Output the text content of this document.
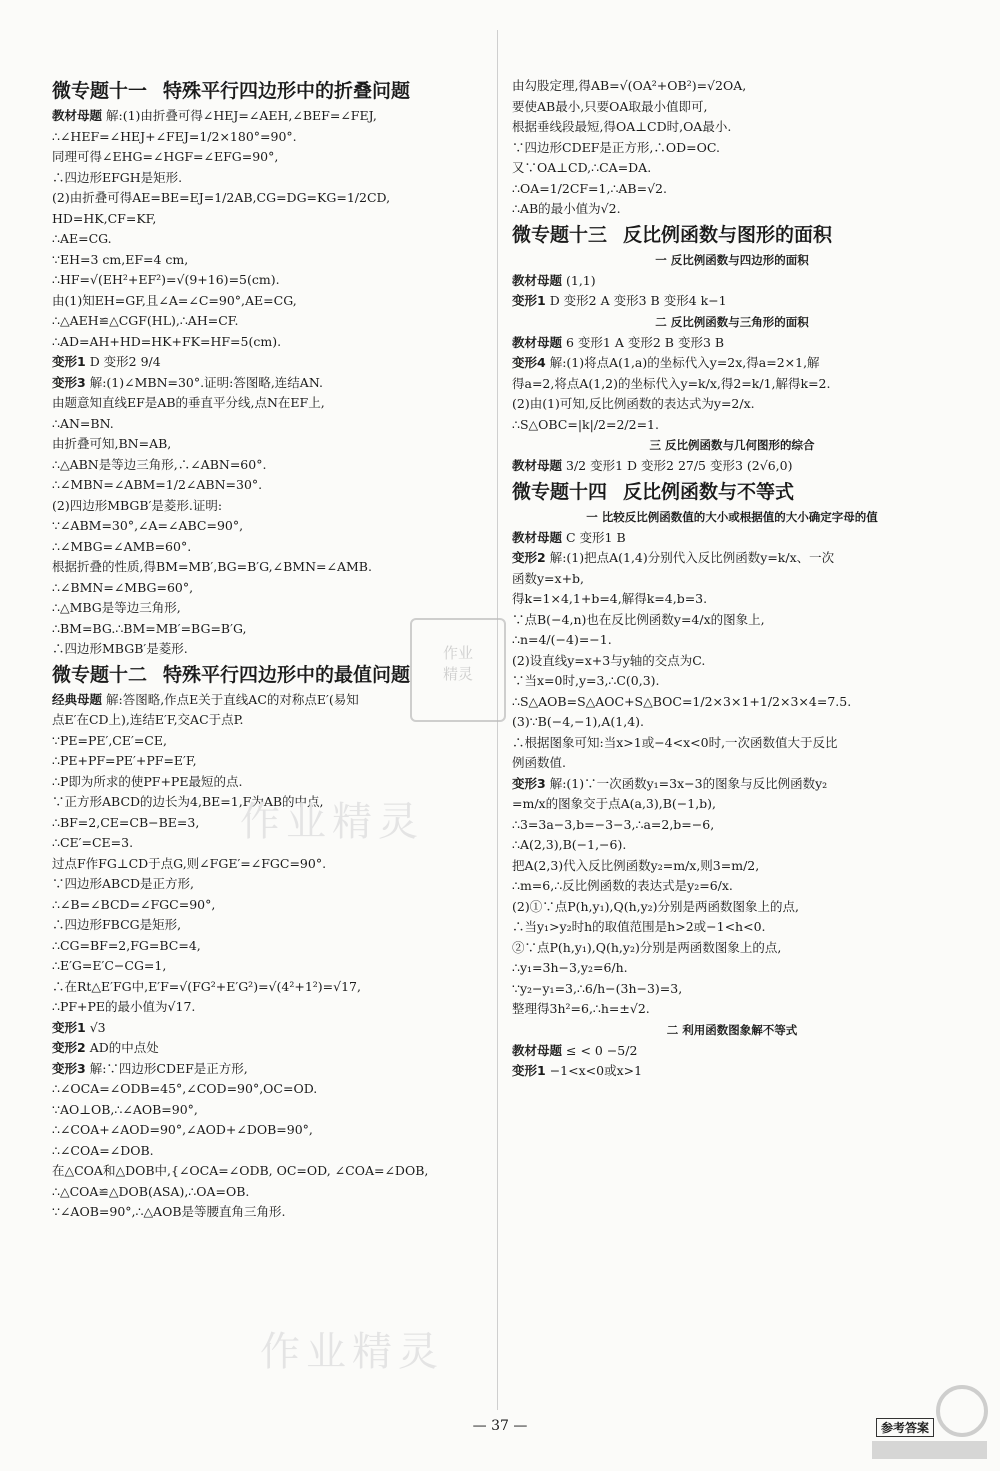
微专题十一 特殊平行四边形中的折叠问题
教材母题 解:(1)由折叠可得∠HEJ=∠AEH,∠BEF=∠FEJ,
∴∠HEF=∠HEJ+∠FEJ=1/2×180°=90°.
同理可得∠EHG=∠HGF=∠EFG=90°,
∴四边形EFGH是矩形.
(2)由折叠可得AE=BE=EJ=1/2AB,CG=DG=KG=1/2CD,
HD=HK,CF=KF,
∴AE=CG.
∵EH=3 cm,EF=4 cm,
∴HF=√(EH²+EF²)=√(9+16)=5(cm).
由(1)知EH=GF,且∠A=∠C=90°,AE=CG,
∴△AEH≌△CGF(HL),∴AH=CF.
∴AD=AH+HD=HK+FK=HF=5(cm).
变形1 D 变形2 9/4
变形3 解:(1)∠MBN=30°.证明:答图略,连结AN.
由题意知直线EF是AB的垂直平分线,点N在EF上,
∴AN=BN.
由折叠可知,BN=AB,
∴△ABN是等边三角形,∴∠ABN=60°.
∴∠MBN=∠ABM=1/2∠ABN=30°.
(2)四边形MBGB′是菱形.证明:
∵∠ABM=30°,∠A=∠ABC=90°,
∴∠MBG=∠AMB=60°.
根据折叠的性质,得BM=MB′,BG=B′G,∠BMN=∠AMB.
∴∠BMN=∠MBG=60°,
∴△MBG是等边三角形,
∴BM=BG.∴BM=MB′=BG=B′G,
∴四边形MBGB′是菱形.
微专题十二 特殊平行四边形中的最值问题
经典母题 解:答图略,作点E关于直线AC的对称点E′(易知
点E′在CD上),连结E′F,交AC于点P.
∵PE=PE′,CE′=CE,
∴PE+PF=PE′+PF=E′F,
∴P即为所求的使PF+PE最短的点.
∵正方形ABCD的边长为4,BE=1,F为AB的中点,
∴BF=2,CE=CB−BE=3,
∴CE′=CE=3.
过点F作FG⊥CD于点G,则∠FGE′=∠FGC=90°.
∵四边形ABCD是正方形,
∴∠B=∠BCD=∠FGC=90°,
∴四边形FBCG是矩形,
∴CG=BF=2,FG=BC=4,
∴E′G=E′C−CG=1,
∴在Rt△E′FG中,E′F=√(FG²+E′G²)=√(4²+1²)=√17,
∴PF+PE的最小值为√17.
变形1 √3
变形2 AD的中点处
变形3 解:∵四边形CDEF是正方形,
∴∠OCA=∠ODB=45°,∠COD=90°,OC=OD.
∵AO⊥OB,∴∠AOB=90°,
∴∠COA+∠AOD=90°,∠AOD+∠DOB=90°,
∴∠COA=∠DOB.
在△COA和△DOB中,{∠OCA=∠ODB, OC=OD, ∠COA=∠DOB,
∴△COA≌△DOB(ASA),∴OA=OB.
∵∠AOB=90°,∴△AOB是等腰直角三角形.
由勾股定理,得AB=√(OA²+OB²)=√2OA,
要使AB最小,只要OA取最小值即可,
根据垂线段最短,得OA⊥CD时,OA最小.
∵四边形CDEF是正方形,∴OD=OC.
又∵OA⊥CD,∴CA=DA.
∴OA=1/2CF=1,∴AB=√2.
∴AB的最小值为√2.
微专题十三 反比例函数与图形的面积
一 反比例函数与四边形的面积
教材母题 (1,1)
变形1 D 变形2 A 变形3 B 变形4 k−1
二 反比例函数与三角形的面积
教材母题 6 变形1 A 变形2 B 变形3 B
变形4 解:(1)将点A(1,a)的坐标代入y=2x,得a=2×1,解
得a=2,将点A(1,2)的坐标代入y=k/x,得2=k/1,解得k=2.
(2)由(1)可知,反比例函数的表达式为y=2/x.
∴S△OBC=|k|/2=2/2=1.
三 反比例函数与几何图形的综合
教材母题 3/2 变形1 D 变形2 27/5 变形3 (2√6,0)
微专题十四 反比例函数与不等式
一 比较反比例函数值的大小或根据值的大小确定字母的值
教材母题 C 变形1 B
变形2 解:(1)把点A(1,4)分别代入反比例函数y=k/x、一次
函数y=x+b,
得k=1×4,1+b=4,解得k=4,b=3.
∵点B(−4,n)也在反比例函数y=4/x的图象上,
∴n=4/(−4)=−1.
(2)设直线y=x+3与y轴的交点为C.
∵当x=0时,y=3,∴C(0,3).
∴S△AOB=S△AOC+S△BOC=1/2×3×1+1/2×3×4=7.5.
(3)∵B(−4,−1),A(1,4).
∴根据图象可知:当x>1或−4<x<0时,一次函数值大于反比
例函数值.
变形3 解:(1)∵一次函数y₁=3x−3的图象与反比例函数y₂
=m/x的图象交于点A(a,3),B(−1,b),
∴3=3a−3,b=−3−3,∴a=2,b=−6,
∴A(2,3),B(−1,−6).
把A(2,3)代入反比例函数y₂=m/x,则3=m/2,
∴m=6,∴反比例函数的表达式是y₂=6/x.
(2)①∵点P(h,y₁),Q(h,y₂)分别是两函数图象上的点,
∴当y₁>y₂时h的取值范围是h>2或−1<h<0.
②∵点P(h,y₁),Q(h,y₂)分别是两函数图象上的点,
∴y₁=3h−3,y₂=6/h.
∵y₂−y₁=3,∴6/h−(3h−3)=3,
整理得3h²=6,∴h=±√2.
二 利用函数图象解不等式
教材母题 ≤ < 0 −5/2
变形1 −1<x<0或x>1
作业精灵
作业精灵
作业
精灵
— 37 —	参考答案
